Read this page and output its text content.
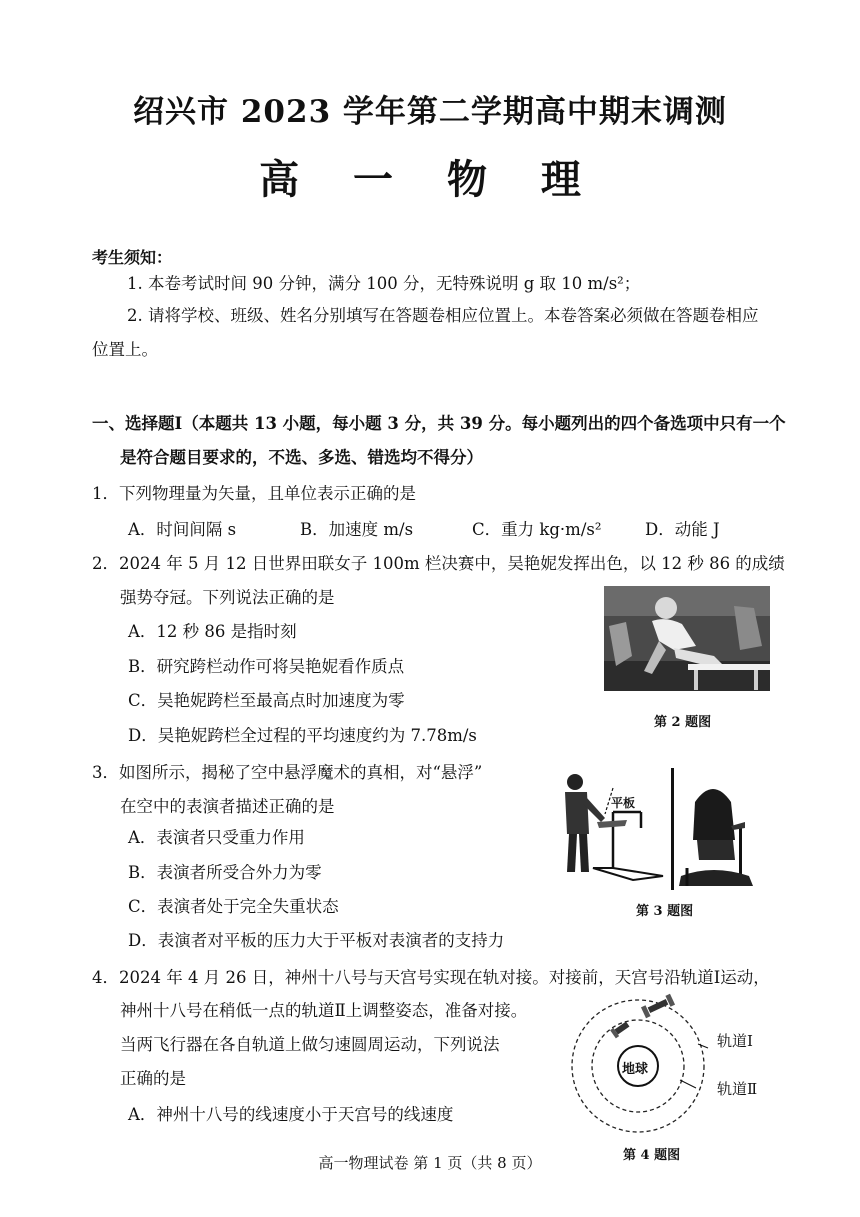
绍兴市 2023 学年第二学期高中期末调测
高 一 物 理
考生须知：
1. 本卷考试时间 90 分钟，满分 100 分，无特殊说明 g 取 10 m/s²；
2. 请将学校、班级、姓名分别填写在答题卷相应位置上。本卷答案必须做在答题卷相应
位置上。
一、选择题Ⅰ（本题共 13 小题，每小题 3 分，共 39 分。每小题列出的四个备选项中只有一个
是符合题目要求的，不选、多选、错选均不得分）
1．下列物理量为矢量，且单位表示正确的是
A．时间间隔 s	B．加速度 m/s	C．重力 kg·m/s²	D．动能 J
2．2024 年 5 月 12 日世界田联女子 100m 栏决赛中，吴艳妮发挥出色，以 12 秒 86 的成绩
强势夺冠。下列说法正确的是
A．12 秒 86 是指时刻
B．研究跨栏动作可将吴艳妮看作质点
C．吴艳妮跨栏至最高点时加速度为零
D．吴艳妮跨栏全过程的平均速度约为 7.78m/s
第 2 题图
3．如图所示，揭秘了空中悬浮魔术的真相，对“悬浮”
在空中的表演者描述正确的是
A．表演者只受重力作用
B．表演者所受合外力为零
C．表演者处于完全失重状态
D．表演者对平板的压力大于平板对表演者的支持力
平板
第 3 题图
4．2024 年 4 月 26 日，神州十八号与天宫号实现在轨对接。对接前，天宫号沿轨道Ⅰ运动，
神州十八号在稍低一点的轨道Ⅱ上调整姿态，准备对接。
当两飞行器在各自轨道上做匀速圆周运动，下列说法
正确的是
A．神州十八号的线速度小于天宫号的线速度
地球
轨道Ⅰ
轨道Ⅱ
第 4 题图
高一物理试卷 第 1 页（共 8 页）
